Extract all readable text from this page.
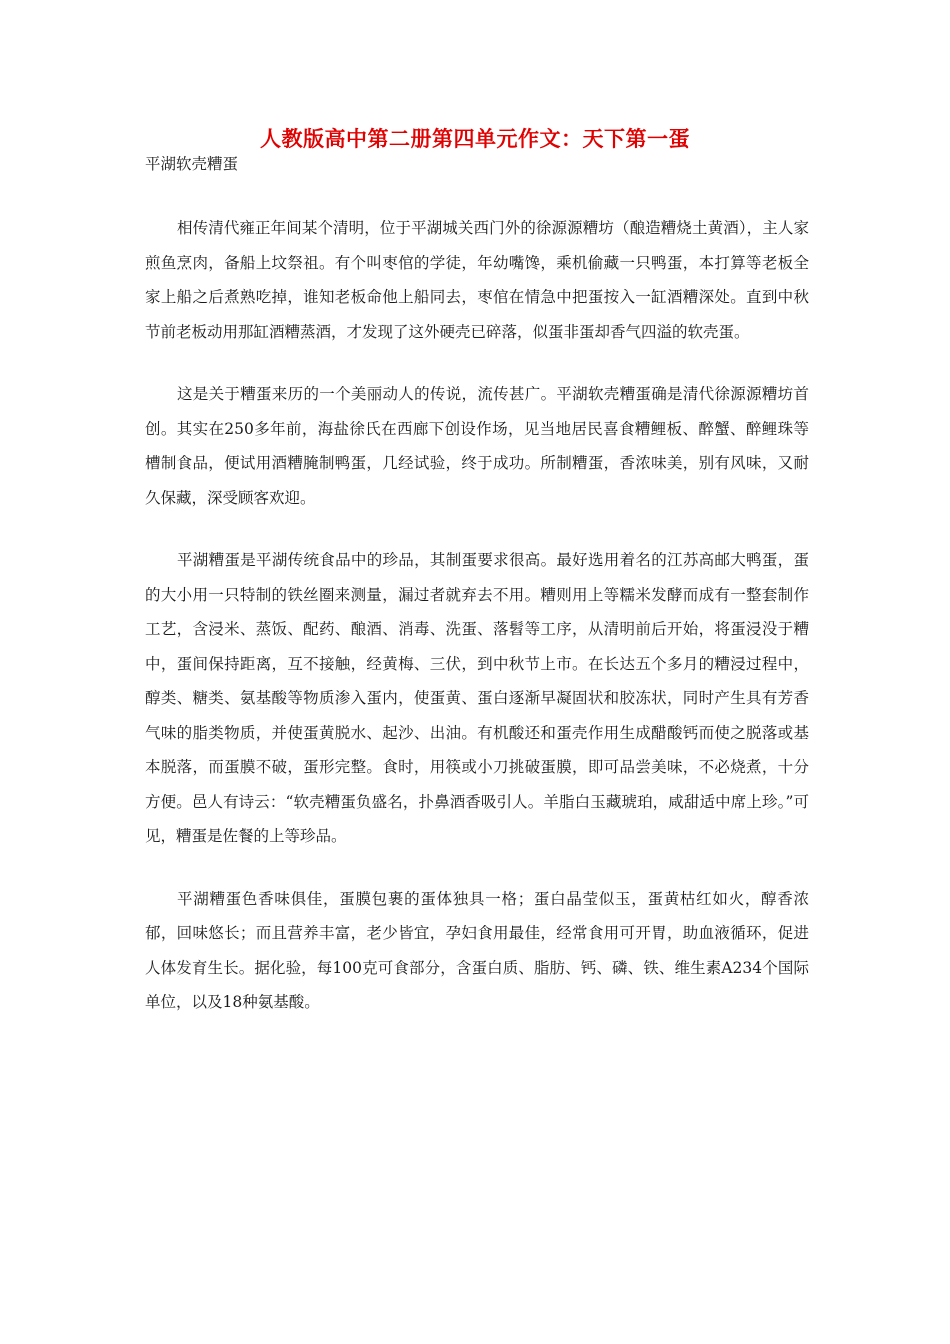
人教版高中第二册第四单元作文：天下第一蛋

平湖软壳糟蛋

相传清代雍正年间某个清明，位于平湖城关西门外的徐源源糟坊（酿造糟烧土黄酒），主人家煎鱼烹肉，备船上坟祭祖。有个叫枣倌的学徒，年幼嘴馋，乘机偷藏一只鸭蛋，本打算等老板全家上船之后煮熟吃掉，谁知老板命他上船同去，枣倌在情急中把蛋按入一缸酒糟深处。直到中秋节前老板动用那缸酒糟蒸酒，才发现了这外硬壳已碎落，似蛋非蛋却香气四溢的软壳蛋。

这是关于糟蛋来历的一个美丽动人的传说，流传甚广。平湖软壳糟蛋确是清代徐源源糟坊首创。其实在250多年前，海盐徐氏在西廊下创设作场，见当地居民喜食糟鲤板、醉蟹、醉鲤珠等槽制食品，便试用酒糟腌制鸭蛋，几经试验，终于成功。所制糟蛋，香浓味美，别有风味，又耐久保藏，深受顾客欢迎。

平湖糟蛋是平湖传统食品中的珍品，其制蛋要求很高。最好选用着名的江苏高邮大鸭蛋，蛋的大小用一只特制的铁丝圈来测量，漏过者就弃去不用。糟则用上等糯米发酵而成有一整套制作工艺，含浸米、蒸饭、配药、酿酒、消毒、洗蛋、落髫等工序，从清明前后开始，将蛋浸没于糟中，蛋间保持距离，互不接触，经黄梅、三伏，到中秋节上市。在长达五个多月的糟浸过程中，醇类、糖类、氨基酸等物质渗入蛋内，使蛋黄、蛋白逐渐早凝固状和胶冻状，同时产生具有芳香气味的脂类物质，并使蛋黄脱水、起沙、出油。有机酸还和蛋壳作用生成醋酸钙而使之脱落或基本脱落，而蛋膜不破，蛋形完整。食时，用筷或小刀挑破蛋膜，即可品尝美味，不必烧煮，十分方便。邑人有诗云：“软壳糟蛋负盛名，扑鼻酒香吸引人。羊脂白玉藏琥珀，咸甜适中席上珍。”可见，糟蛋是佐餐的上等珍品。

平湖糟蛋色香味俱佳，蛋膜包裹的蛋体独具一格；蛋白晶莹似玉，蛋黄枯红如火，醇香浓郁，回味悠长；而且营养丰富，老少皆宜，孕妇食用最佳，经常食用可开胃，助血液循环，促进人体发育生长。据化验，每100克可食部分，含蛋白质、脂肪、钙、磷、铁、维生素A234个国际单位，以及18种氨基酸。
